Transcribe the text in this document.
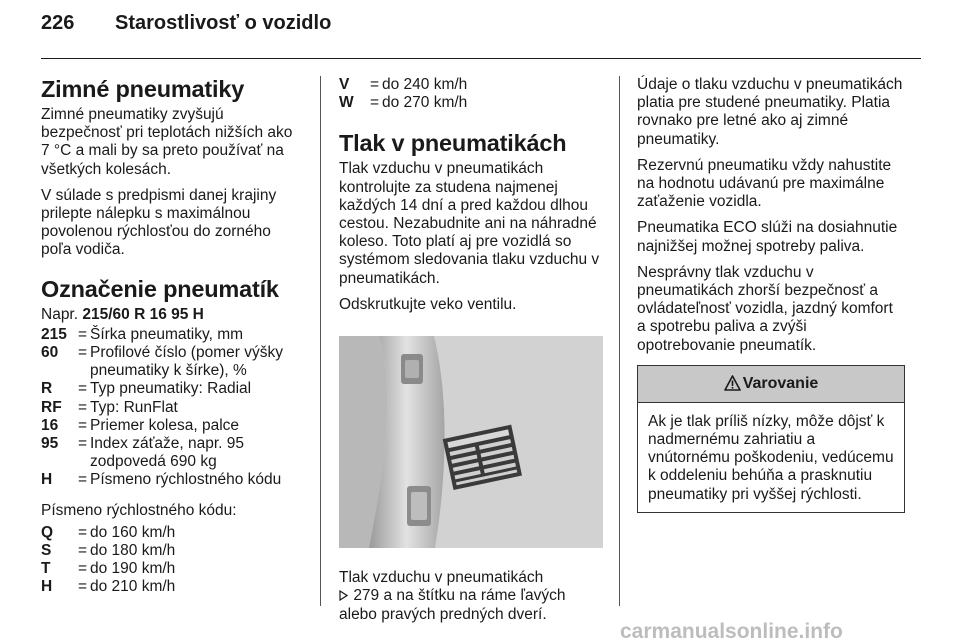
226 Starostlivosť o vozidlo
Zimné pneumatiky

Zimné pneumatiky zvyšujú bezpečnosť pri teplotách nižších ako 7 °C a mali by sa preto používať na všetkých kolesách.

V súlade s predpismi danej krajiny prilepte nálepku s maximálnou povolenou rýchlosťou do zorného poľa vodiča.

Označenie pneumatík
Napr. 215/60 R 16 95 H
215 = Šírka pneumatiky, mm
60	= Profilové číslo (pomer výšky pneumatiky k šírke), %
R	= Typ pneumatiky: Radial
RF	= Typ: RunFlat
16	= Priemer kolesa, palce
95	= Index záťaže, napr. 95 zodpovedá 690 kg
H	= Písmeno rýchlostného kódu

Písmeno rýchlostného kódu:

Q	= do 160 km/h
S	= do 180 km/h
T	= do 190 km/h
H	= do 210 km/h
V	= do 240 km/h
W	= do 270 km/h
Tlak v pneumatikách

Tlak vzduchu v pneumatikách kontrolujte za studena najmenej každých 14 dní a pred každou dlhou cestou. Nezabudnite ani na náhradné koleso. Toto platí aj pre vozidlá so systémom sledovania tlaku vzduchu v pneumatikách.

Odskrutkujte veko ventilu.

Tlak vzduchu v pneumatikách
279 a na štítku na ráme ľavých alebo pravých predných dverí.

Údaje o tlaku vzduchu v pneumatikách platia pre studené pneumatiky. Platia rovnako pre letné ako aj zimné pneumatiky.

Rezervnú pneumatiku vždy nahustite na hodnotu udávanú pre maximálne zaťaženie vozidla.

Pneumatika ECO slúži na dosiahnutie najnižšej možnej spotreby paliva.

Nesprávny tlak vzduchu v pneumatikách zhorší bezpečnosť a ovládateľnosť vozidla, jazdný komfort a spotrebu paliva a zvýši opotrebovanie pneumatík.

Varovanie
Ak je tlak príliš nízky, môže dôjsť k nadmernému zahriatiu a vnútornému poškodeniu, vedúcemu k oddeleniu behúňa a prasknutiu pneumatiky pri vyššej rýchlosti.
carmanualsonline.info
